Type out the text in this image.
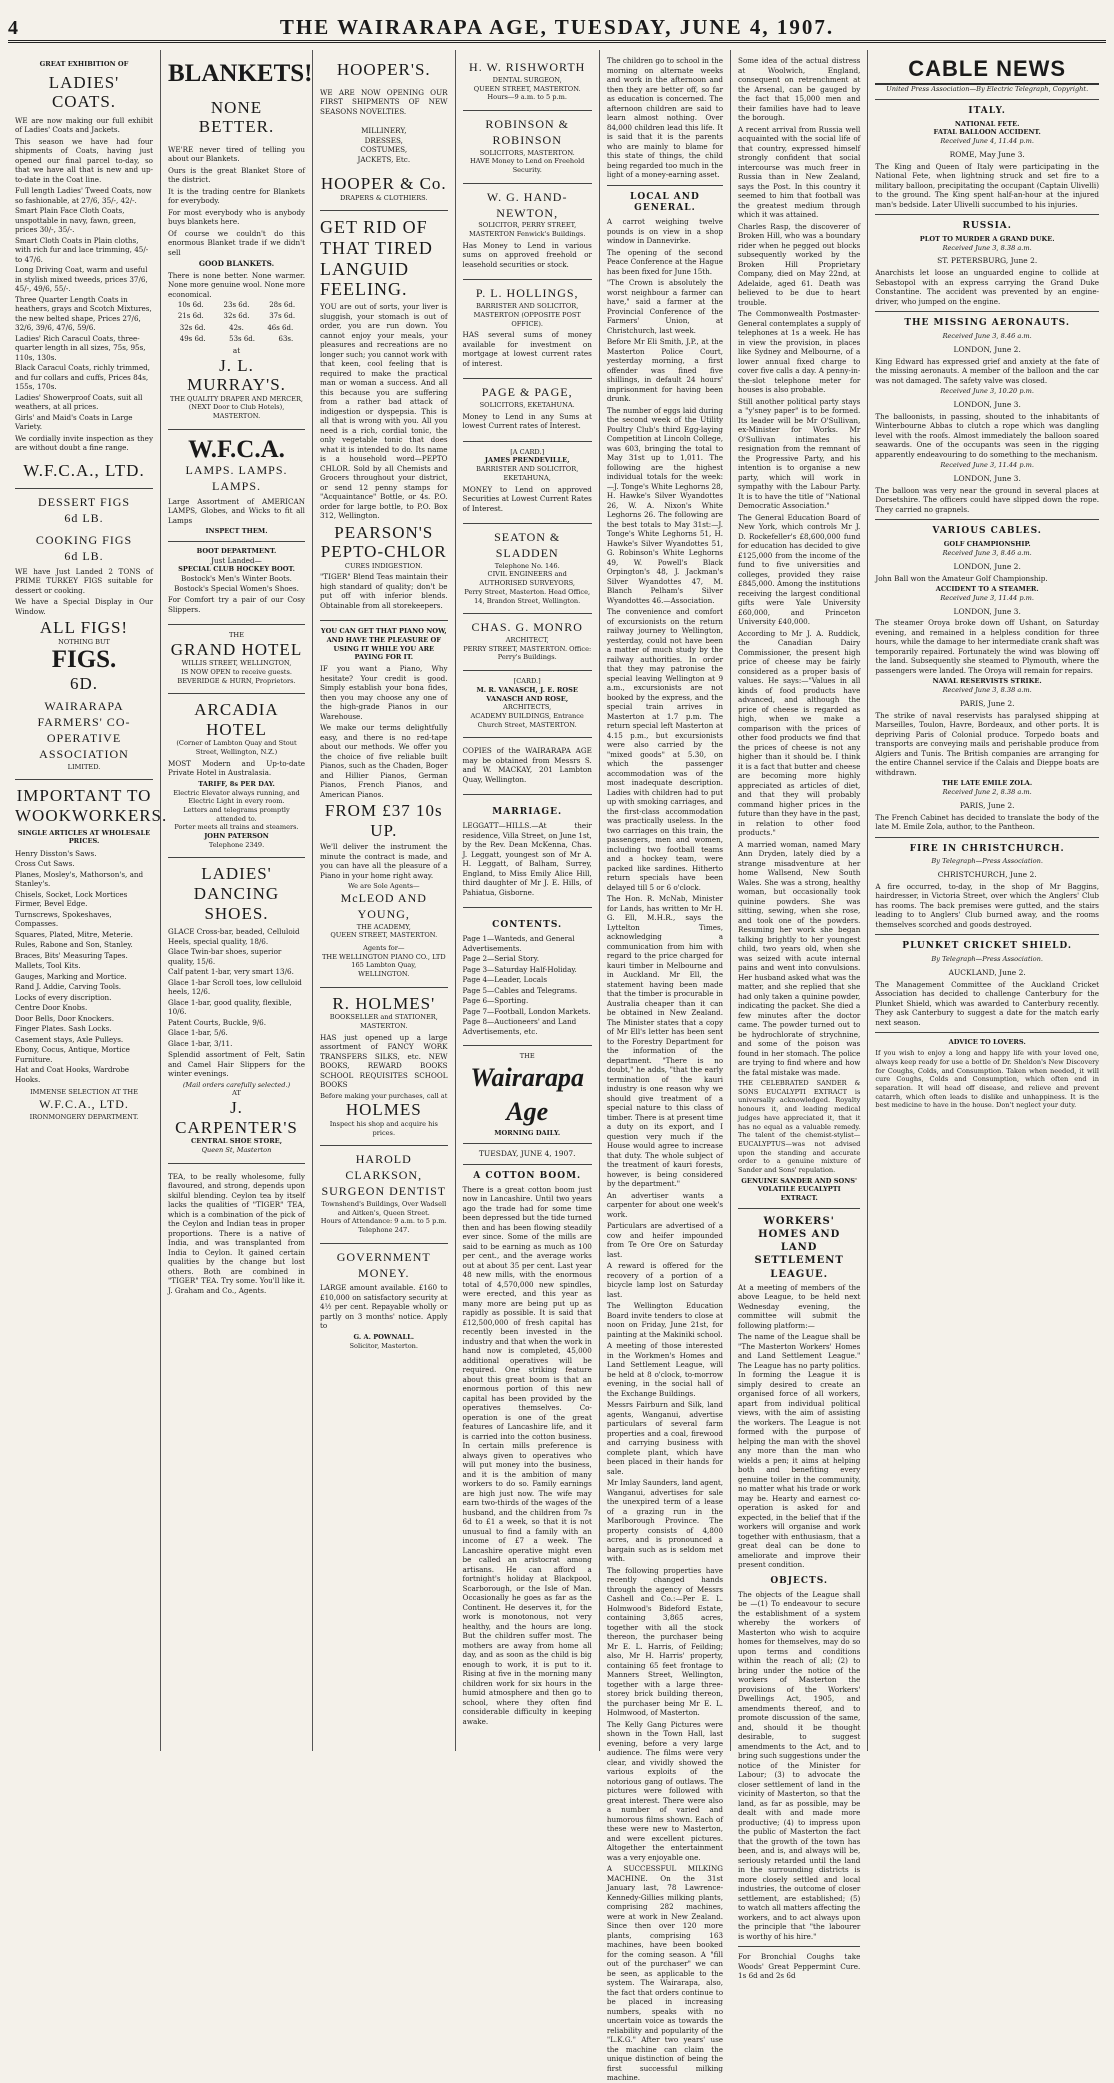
4	THE WAIRARAPA AGE, TUESDAY, JUNE 4, 1907.
GREAT EXHIBITION OF
LADIES' COATS.

WE are now making our full exhibit of Ladies' Coats and Jackets.

This season we have had four shipments of Coats, having just opened our final parcel to-day, so that we have all that is new and up-to-date in the Coat line.

Full length Ladies' Tweed Coats, now so fashionable, at 27/6, 35/-, 42/-.
Smart Plain Face Cloth Coats, unspottable in navy, fawn, green, prices 30/-, 35/-.
Smart Cloth Coats in Plain cloths, with rich fur and lace trimming, 45/- to 47/6.
Long Driving Coat, warm and useful in stylish mixed tweeds, prices 37/6, 45/-, 49/6, 55/-.
Three Quarter Length Coats in heathers, grays and Scotch Mixtures, the new belted shape, Prices 27/6, 32/6, 39/6, 47/6, 59/6.
Ladies' Rich Caracul Coats, three-quarter length in all sizes, 75s, 95s, 110s, 130s.
Black Caracul Coats, richly trimmed, and fur collars and cuffs, Prices 84s, 155s, 170s.
Ladies' Showerproof Coats, suit all weathers, at all prices.
Girls' and Maid's Coats in Large Variety.

We cordially invite inspection as they are without doubt a fine range.

W.F.C.A., LTD.
DESSERT FIGS
6d LB.
COOKING FIGS
6d LB.

WE have Just Landed 2 TONS of PRIME TURKEY FIGS suitable for dessert or cooking.

We have a Special Display in Our Window.

ALL FIGS!
NOTHING BUT
FIGS.
6D.
WAIRARAPA FARMERS' CO-OPERATIVE ASSOCIATION
LIMITED.
IMPORTANT TO WOOKWORKERS.
SINGLE ARTICLES AT WHOLESALE PRICES.
Henry Disston's Saws.
Cross Cut Saws.
Planes, Mosley's, Mathorson's, and Stanley's.
Chisels, Socket, Lock Mortices Firmer, Bevel Edge.
Turnscrews, Spokeshaves, Compasses.
Squares, Plated, Mitre, Meterie.
Rules, Rabone and Son, Stanley.
Braces, Bits' Measuring Tapes.
Mallets, Tool Kits.
Gauges, Marking and Mortice.
Rand J. Addie, Carving Tools.
Locks of every discription.
Centre Door Knobs.
Door Bells, Door Knockers.
Finger Plates. Sash Locks.
Casement stays, Axle Pulleys.
Ebony, Cocus, Antique, Mortice Furniture.
Hat and Coat Hooks, Wardrobe Hooks.
IMMENSE SELECTION AT THE
W.F.C.A., LTD.
IRONMONGERY DEPARTMENT.
BLANKETS!
NONE
BETTER.

WE'RE never tired of telling you about our Blankets.

Ours is the great Blanket Store of the district.

It is the trading centre for Blankets for everybody.

For most everybody who is anybody buys blankets here.

Of course we couldn't do this enormous Blanket trade if we didn't sell

GOOD BLANKETS.

There is none better. None warmer. None more genuine wool. None more economical.

10s 6d.	23s 6d.	28s 6d.
21s 6d.	32s 6d.	37s 6d.
32s 6d.	42s.	46s 6d.
49s 6d.	53s 6d.	63s.
at
J. L. MURRAY'S.
THE QUALITY DRAPER AND MERCER,
(NEXT Door to Club Hotels), MASTERTON.
W.F.C.A.
LAMPS. LAMPS. LAMPS.

Large Assortment of AMERICAN LAMPS, Globes, and Wicks to fit all Lamps

INSPECT THEM.
BOOT DEPARTMENT.
Just Landed—
SPECIAL CLUB HOCKEY BOOT.
Bostock's Men's Winter Boots.
Bostock's Special Women's Shoes.

For Comfort try a pair of our Cosy Slippers.

THE
GRAND HOTEL
WILLIS STREET, WELLINGTON,
IS NOW OPEN to receive guests.
BEVERIDGE & HURN, Proprietors.
ARCADIA HOTEL
(Corner of Lambton Quay and Stout Street, Wellington, N.Z.)

MOST Modern and Up-to-date Private Hotel in Australasia.

TARIFF, 8s PER DAY.
Electric Elevator always running, and Electric Light in every room.
Letters and telegrams promptly attended to.
Porter meets all trains and steamers.
JOHN PATERSON
Telephone 2349.
LADIES'
DANCING SHOES.
GLACE Cross-bar, beaded, Celluloid Heels, special quality, 18/6.
Glace Twin-bar shoes, superior quality, 15/6.
Calf patent 1-bar, very smart 13/6.
Glace 1-bar Scroll toes, low celluloid heels, 12/6.
Glace 1-bar, good quality, flexible, 10/6.
Patent Courts, Buckle, 9/6.
Glace 1-bar, 5/6.
Glace 1-bar, 3/11.

Splendid assortment of Felt, Satin and Camel Hair Slippers for the winter evenings.

(Mail orders carefully selected.)
AT
J. CARPENTER'S
CENTRAL SHOE STORE,
Queen St, Masterton

TEA, to be really wholesome, fully flavoured, and strong, depends upon skilful blending. Ceylon tea by itself lacks the qualities of "TIGER" TEA, which is a combination of the pick of the Ceylon and Indian teas in proper proportions. There is a native of India, and was transplanted from India to Ceylon. It gained certain qualities by the change but lost others. Both are combined in "TIGER" TEA. Try some. You'll like it. J. Graham and Co., Agents.

HOOPER'S.

WE ARE NOW OPENING OUR FIRST SHIPMENTS OF NEW SEASONS NOVELTIES.

MILLINERY,
DRESSES,
COSTUMES,
JACKETS, Etc.
HOOPER & Co.
DRAPERS & CLOTHIERS.
GET RID OF THAT TIRED LANGUID FEELING.

YOU are out of sorts, your liver is sluggish, your stomach is out of order, you are run down. You cannot enjoy your meals, your pleasures and recreations are no longer such; you cannot work with that keen, cool feeling that is required to make the practical man or woman a success. And all this because you are suffering from a rather bad attack of indigestion or dyspepsia. This is all that is wrong with you. All you need is a rich, cordial tonic, the only vegetable tonic that does what it is intended to do. Its name is a household word—PEPTO CHLOR. Sold by all Chemists and Grocers throughout your district, or send 12 penny stamps for "Acquaintance" Bottle, or 4s. P.O. order for large bottle, to P.O. Box 312, Wellington.

PEARSON'S PEPTO-CHLOR
CURES INDIGESTION.

"TIGER" Blend Teas maintain their high standard of quality; don't be put off with inferior blends. Obtainable from all storekeepers.

YOU CAN GET THAT PIANO NOW, AND HAVE THE PLEASURE OF USING IT WHILE YOU ARE PAYING FOR IT.

IF you want a Piano, Why hesitate? Your credit is good. Simply establish your bona fides, then you may choose any one of the high-grade Pianos in our Warehouse.

We make our terms delightfully easy, and there is no red-tape about our methods. We offer you the choice of five reliable built Pianos, such as the Chaden, Boger and Hillier Pianos, German Pianos, French Pianos, and American Pianos.

FROM £37 10s UP.

We'll deliver the instrument the minute the contract is made, and you can have all the pleasure of a Piano in your home right away.

We are Sole Agents—
McLEOD AND YOUNG,
THE ACADEMY,
QUEEN STREET, MASTERTON.
Agents for—
THE WELLINGTON PIANO CO., LTD
165 Lambton Quay,
WELLINGTON.
R. HOLMES'
BOOKSELLER and STATIONER, MASTERTON.

HAS just opened up a large assortment of FANCY WORK TRANSFERS SILKS, etc. NEW BOOKS, REWARD BOOKS SCHOOL REQUISITES SCHOOL BOOKS

Before making your purchases, call at
HOLMES
Inspect his shop and acquire his prices.
HAROLD CLARKSON, SURGEON DENTIST
Townshend's Buildings, Over Wadsell and Aitken's, Queen Street.
Hours of Attendance: 9 a.m. to 5 p.m. Telephone 247.
GOVERNMENT MONEY.

LARGE amount available. £160 to £10,000 on satisfactory security at 4½ per cent. Repayable wholly or partly on 3 months' notice. Apply to

G. A. POWNALL.
Solicitor, Masterton.
H. W. RISHWORTH
DENTAL SURGEON,
QUEEN STREET, MASTERTON.
Hours—9 a.m. to 5 p.m.
ROBINSON & ROBINSON
SOLICITORS, MASTERTON.
HAVE Money to Lend on Freehold Security.
W. G. HAND-NEWTON,
SOLICITOR, PERRY STREET, MASTERTON Fenwick's Buildings.

Has Money to Lend in various sums on approved freehold or leasehold securities or stock.

P. L. HOLLINGS,
BARRISTER AND SOLICITOR, MASTERTON (OPPOSITE POST OFFICE).

HAS several sums of money available for investment on mortgage at lowest current rates of interest.

PAGE & PAGE,
SOLICITORS, EKETAHUNA.

Money to Lend in any Sums at lowest Current rates of Interest.

[A CARD.]
JAMES PRENDEVILLE,
BARRISTER AND SOLICITOR, EKETAHUNA,

MONEY to Lend on approved Securities at Lowest Current Rates of Interest.

SEATON & SLADDEN
Telephone No. 146.
CIVIL ENGINEERS and AUTHORISED SURVEYORS,
Perry Street, Masterton. Head Office, 14, Brandon Street, Wellington.
CHAS. G. MONRO
ARCHITECT,
PERRY STREET, MASTERTON. Office: Perry's Buildings.
[CARD.]
M. R. VANASCH, J. E. ROSE VANASCH AND ROSE,
ARCHITECTS,
ACADEMY BUILDINGS, Entrance Church Street, MASTERTON.

COPIES of the WAIRARAPA AGE may be obtained from Messrs S. and W. MACKAY, 201 Lambton Quay, Wellington.

MARRIAGE.

LEGGATT—HILLS.—At their residence, Villa Street, on June 1st, by the Rev. Dean McKenna, Chas. J. Leggatt, youngest son of Mr A. H. Leggatt, of Balham, Surrey, England, to Miss Emily Alice Hill, third daughter of Mr J. E. Hills, of Pahiatua, Gisborne.

CONTENTS.
Page 1—Wanteds, and General Advertisements.
Page 2—Serial Story.
Page 3—Saturday Half-Holiday.
Page 4—Leader, Locals
Page 5—Cables and Telegrams.
Page 6—Sporting.
Page 7—Football, London Markets.
Page 8—Auctioneers' and Land Advertisements, etc.
THE
Wairarapa Age
MORNING DAILY.
TUESDAY, JUNE 4, 1907.
A COTTON BOOM.

There is a great cotton boom just now in Lancashire. Until two years ago the trade had for some time been depressed but the tide turned then and has been flowing steadily ever since. Some of the mills are said to be earning as much as 100 per cent., and the average works out at about 35 per cent. Last year 48 new mills, with the enormous total of 4,570,000 new spindles, were erected, and this year as many more are being put up as rapidly as possible. It is said that £12,500,000 of fresh capital has recently been invested in the industry and that when the work in hand now is completed, 45,000 additional operatives will be required. One striking feature about this great boom is that an enormous portion of this new capital has been provided by the operatives themselves. Co-operation is one of the great features of Lancashire life, and it is carried into the cotton business. In certain mills preference is always given to operatives who will put money into the business, and it is the ambition of many workers to do so. Family earnings are high just now. The wife may earn two-thirds of the wages of the husband, and the children from 7s 6d to £1 a week, so that it is not unusual to find a family with an income of £7 a week. The Lancashire operative might even be called an aristocrat among artisans. He can afford a fortnight's holiday at Blackpool, Scarborough, or the Isle of Man. Occasionally he goes as far as the Continent. He deserves it, for the work is monotonous, not very healthy, and the hours are long. But the children suffer most. The mothers are away from home all day, and as soon as the child is big enough to work, it is put to it. Rising at five in the morning many children work for six hours in the humid atmosphere and then go to school, where they often find considerable difficulty in keeping awake.

The children go to school in the morning on alternate weeks and work in the afternoon and then they are better off, so far as education is concerned. The afternoon children are said to learn almost nothing. Over 84,000 children lead this life. It is said that it is the parents who are mainly to blame for this state of things, the child being regarded too much in the light of a money-earning asset.

LOCAL AND GENERAL.

A carrot weighing twelve pounds is on view in a shop window in Dannevirke.

The opening of the second Peace Conference at the Hague has been fixed for June 15th.

"The Crown is absolutely the worst neighbour a farmer can have," said a farmer at the Provincial Conference of the Farmers' Union, at Christchurch, last week.

Before Mr Eli Smith, J.P., at the Masterton Police Court, yesterday morning, a first offender was fined five shillings, in default 24 hours' imprisonment for having been drunk.

The number of eggs laid during the second week of the Utility Poultry Club's third Egg-laying Competition at Lincoln College, was 603, bringing the total to May 31st up to 1,011. The following are the highest individual totals for the week:—J. Tonge's White Leghorns 28, H. Hawke's Silver Wyandottes 26, W. A. Nixon's White Leghorns 26. The following are the best totals to May 31st:—J. Tonge's White Leghorns 51, H. Hawke's Silver Wyandottes 51, G. Robinson's White Leghorns 49, W. Powell's Black Orpington's 48, J. Jackman's Silver Wyandottes 47, M. Blanch Pelham's Silver Wyandottes 46.—Association.

The convenience and comfort of excursionists on the return railway journey to Wellington, yesterday, could not have been a matter of much study by the railway authorities. In order that they may patronise the special leaving Wellington at 9 a.m., excursionists are not booked by the express, and the special train arrives in Masterton at 1.7 p.m. The return special left Masterton at 4.15 p.m., but excursionists were also carried by the "mixed goods" at 5.30, on which the passenger accommodation was of the most inadequate description. Ladies with children had to put up with smoking carriages, and the first-class accommodation was practically useless. In the two carriages on this train, the passengers, men and women, including two football teams and a hockey team, were packed like sardines. Hitherto return specials have been delayed till 5 or 6 o'clock.

The Hon. R. McNab, Minister for Lands, has written to Mr H. G. Ell, M.H.R., says the Lyttelton Times, acknowledging a communication from him with regard to the price charged for kauri timber in Melbourne and in Auckland. Mr Ell, the statement having been made that the timber is procurable in Australia cheaper than it can be obtained in New Zealand. The Minister states that a copy of Mr Ell's letter has been sent to the Forestry Department for the information of the department. "There is no doubt," he adds, "that the early termination of the kauri industry is one reason why we should give treatment of a special nature to this class of timber. There is at present time a duty on its export, and I question very much if the House would agree to increase that duty. The whole subject of the treatment of kauri forests, however, is being considered by the department."

An advertiser wants a carpenter for about one week's work.

Particulars are advertised of a cow and heifer impounded from Te Ore Ore on Saturday last.

A reward is offered for the recovery of a portion of a bicycle lamp lost on Saturday last.

The Wellington Education Board invite tenders to close at noon on Friday, June 21st, for painting at the Makiniki school.

A meeting of those interested in the Workmen's Homes and Land Settlement League, will be held at 8 o'clock, to-morrow evening, in the social hall of the Exchange Buildings.

Messrs Fairburn and Silk, land agents, Wanganui, advertise particulars of several farm properties and a coal, firewood and carrying business with complete plant, which have been placed in their hands for sale.

Mr Imlay Saunders, land agent, Wanganui, advertises for sale the unexpired term of a lease of a grazing run in the Marlborough Province. The property consists of 4,800 acres, and is pronounced a bargain such as is seldom met with.

The following properties have recently changed hands through the agency of Messrs Cashell and Co.:—Per E. L. Holmwood's Bideford Estate, containing 3,865 acres, together with all the stock thereon, the purchaser being Mr E. L. Harris, of Feilding; also, Mr H. Harris' property, containing 65 feet frontage to Manners Street, Wellington, together with a large three-storey brick building thereon, the purchaser being Mr E. L. Holmwood, of Masterton.

The Kelly Gang Pictures were shown in the Town Hall, last evening, before a very large audience. The films were very clear, and vividly showed the various exploits of the notorious gang of outlaws. The pictures were followed with great interest. There were also a number of varied and humorous films shown. Each of these were new to Masterton, and were excellent pictures. Altogether the entertainment was a very enjoyable one.

A SUCCESSFUL MILKING MACHINE. On the 31st January last, 78 Lawrence-Kennedy-Gillies milking plants, comprising 282 machines, were at work in New Zealand. Since then over 120 more plants, comprising 163 machines, have been booked for the coming season. A "fill out of the purchaser" we can be seen, as applicable to the system. The Wairarapa, also, the fact that orders continue to be placed in increasing numbers, speaks with no uncertain voice as towards the reliability and popularity of the "L.K.G." After two years' use the machine can claim the unique distinction of being the first successful milking machine.

Some idea of the actual distress at Woolwich, England, consequent on retrenchment at the Arsenal, can be gauged by the fact that 15,000 men and their families have had to leave the borough.

A recent arrival from Russia well acquainted with the social life of that country, expressed himself strongly confident that social intercourse was much freer in Russia than in New Zealand, says the Post. In this country it seemed to him that football was the greatest medium through which it was attained.

Charles Rasp, the discoverer of Broken Hill, who was a boundary rider when he pegged out blocks subsequently worked by the Broken Hill Proprietary Company, died on May 22nd, at Adelaide, aged 61. Death was believed to be due to heart trouble.

The Commonwealth Postmaster-General contemplates a supply of telephones at 1s a week. He has in view the provision, in places like Sydney and Melbourne, of a lower annual fixed charge to cover five calls a day. A penny-in-the-slot telephone meter for houses is also probable.

Still another political party stays a "y'sney paper" is to be formed. Its leader will be Mr O'Sullivan, ex-Minister for Works. Mr O'Sullivan intimates his resignation from the remnant of the Progressive Party, and his intention is to organise a new party, which will work in sympathy with the Labour Party. It is to have the title of "National Democratic Association."

The General Education Board of New York, which controls Mr J. D. Rockefeller's £8,600,000 fund for education has decided to give £125,000 from the income of the fund to five universities and colleges, provided they raise £845,000. Among the institutions receiving the largest conditional gifts were Yale University £60,000, and Princeton University £40,000.

According to Mr J. A. Ruddick, the Canadian Dairy Commissioner, the present high price of cheese may be fairly considered as a proper basis of values. He says:—"Values in all kinds of food products have advanced, and although the price of cheese is regarded as high, when we make a comparison with the prices of other food products we find that the prices of cheese is not any higher than it should be. I think it is a fact that butter and cheese are becoming more highly appreciated as articles of diet, and that they will probably command higher prices in the future than they have in the past, in relation to other food products."

A married woman, named Mary Ann Dryden, lately died by a strange misadventure at her home Wallsend, New South Wales. She was a strong, healthy woman, but occasionally took quinine powders. She was sitting, sewing, when she rose, and took one of the powders. Resuming her work she began talking brightly to her youngest child, two years old, when she was seized with acute internal pains and went into convulsions. Her husband asked what was the matter, and she replied that she had only taken a quinine powder, indicating the packet. She died a few minutes after the doctor came. The powder turned out to be hydrochlorate of strychnine, and some of the poison was found in her stomach. The police are trying to find where and how the fatal mistake was made.

THE CELEBRATED SANDER & SONS EUCALYPTI EXTRACT is universally acknowledged. Royalty honours it, and leading medical judges have appreciated it, that it has no equal as a valuable remedy. The talent of the chemist-stylist—EUCALYPTUS—was not advised upon the standing and accurate order to a genuine mixture of Sander and Sons' repulation.

GENUINE SANDER AND SONS' VOLATILE EUCALYPTI EXTRACT.
WORKERS' HOMES AND LAND SETTLEMENT LEAGUE.

At a meeting of members of the above League, to be held next Wednesday evening, the committee will submit the following platform:—

The name of the League shall be "The Masterton Workers' Homes and Land Settlement League." The League has no party politics. In forming the League it is simply desired to create an organised force of all workers, apart from individual political views, with the aim of assisting the workers. The League is not formed with the purpose of helping the man with the shovel any more than the man who wields a pen; it aims at helping both and benefiting every genuine toiler in the community, no matter what his trade or work may be. Hearty and earnest co-operation is asked for and expected, in the belief that if the workers will organise and work together with enthusiasm, that a great deal can be done to ameliorate and improve their present condition.

OBJECTS.

The objects of the League shall be —(1) To endeavour to secure the establishment of a system whereby the workers of Masterton who wish to acquire homes for themselves, may do so upon terms and conditions within the reach of all; (2) to bring under the notice of the workers of Masterton the provisions of the Workers' Dwellings Act, 1905, and amendments thereof, and to promote discussion of the same, and, should it be thought desirable, to suggest amendments to the Act, and to bring such suggestions under the notice of the Minister for Labour; (3) to advocate the closer settlement of land in the vicinity of Masterton, so that the land, as far as possible, may be dealt with and made more productive; (4) to impress upon the public of Masterton the fact that the growth of the town has been, and is, and always will be, seriously retarded until the land in the surrounding districts is more closely settled and local industries, the outcome of closer settlement, are established; (5) to watch all matters affecting the workers, and to act always upon the principle that "the labourer is worthy of his hire."

For Bronchial Coughs take Woods' Great Peppermint Cure. 1s 6d and 2s 6d

CABLE NEWS
United Press Association—By Electric Telegraph, Copyright.
ITALY.
NATIONAL FETE.
FATAL BALLOON ACCIDENT.
Received June 4, 11.44 p.m.
ROME, May June 3.

The King and Queen of Italy were participating in the National Fete, when lightning struck and set fire to a military balloon, precipitating the occupant (Captain Ulivelli) to the ground. The King spent half-an-hour at the injured man's bedside. Later Ulivelli succumbed to his injuries.

RUSSIA.
PLOT TO MURDER A GRAND DUKE.
Received June 3, 8.38 a.m.
ST. PETERSBURG, June 2.

Anarchists let loose an unguarded engine to collide at Sebastopol with an express carrying the Grand Duke Constantine. The accident was prevented by an engine-driver, who jumped on the engine.

THE MISSING AERONAUTS.
Received June 3, 8.46 a.m.
LONDON, June 2.

King Edward has expressed grief and anxiety at the fate of the missing aeronauts. A member of the balloon and the car was not damaged. The safety valve was closed.

Received June 3, 10.20 p.m.
LONDON, June 3.

The balloonists, in passing, shouted to the inhabitants of Winterbourne Abbas to clutch a rope which was dangling level with the roofs. Almost immediately the balloon soared seawards. One of the occupants was seen in the rigging apparently endeavouring to do something to the mechanism.

Received June 3, 11.44 p.m.
LONDON, June 3.

The balloon was very near the ground in several places at Dorsetshire. The officers could have slipped down the rope. They carried no grapnels.

VARIOUS CABLES.
GOLF CHAMPIONSHIP.
Received June 3, 8.46 a.m.
LONDON, June 2.

John Ball won the Amateur Golf Championship.

ACCIDENT TO A STEAMER.
Received June 3, 11.44 p.m.
LONDON, June 3.

The steamer Oroya broke down off Ushant, on Saturday evening, and remained in a helpless condition for three hours, while the damage to her intermediate crank shaft was temporarily repaired. Fortunately the wind was blowing off the land. Subsequently she steamed to Plymouth, where the passengers were landed. The Oroya will remain for repairs.

NAVAL RESERVISTS STRIKE.
Received June 3, 8.38 a.m.
PARIS, June 2.

The strike of naval reservists has paralysed shipping at Marseilles, Toulon, Havre, Bordeaux, and other ports. It is depriving Paris of Colonial produce. Torpedo boats and transports are conveying mails and perishable produce from Algiers and Tunis. The British companies are arranging for the entire Channel service if the Calais and Dieppe boats are withdrawn.

THE LATE EMILE ZOLA.
Received June 2, 8.38 a.m.
PARIS, June 2.

The French Cabinet has decided to translate the body of the late M. Emile Zola, author, to the Pantheon.

FIRE IN CHRISTCHURCH.
By Telegraph—Press Association.
CHRISTCHURCH, June 2.

A fire occurred, to-day, in the shop of Mr Baggins, hairdresser, in Victoria Street, over which the Anglers' Club has rooms. The back premises were gutted, and the stairs leading to to Anglers' Club burned away, and the rooms themselves scorched and goods destroyed.

PLUNKET CRICKET SHIELD.
By Telegraph—Press Association.
AUCKLAND, June 2.

The Management Committee of the Auckland Cricket Association has decided to challenge Canterbury for the Plunket Shield, which was awarded to Canterbury recently. They ask Canterbury to suggest a date for the match early next season.

ADVICE TO LOVERS.

If you wish to enjoy a long and happy life with your loved one, always keep ready for use a bottle of Dr. Sheldon's New Discovery for Coughs, Colds, and Consumption. Taken when needed, it will cure Coughs, Colds and Consumption, which often end in separation. It will head off disease, and relieve and prevent catarrh, which often leads to dislike and unhappiness. It is the best medicine to have in the house. Don't neglect your duty.
